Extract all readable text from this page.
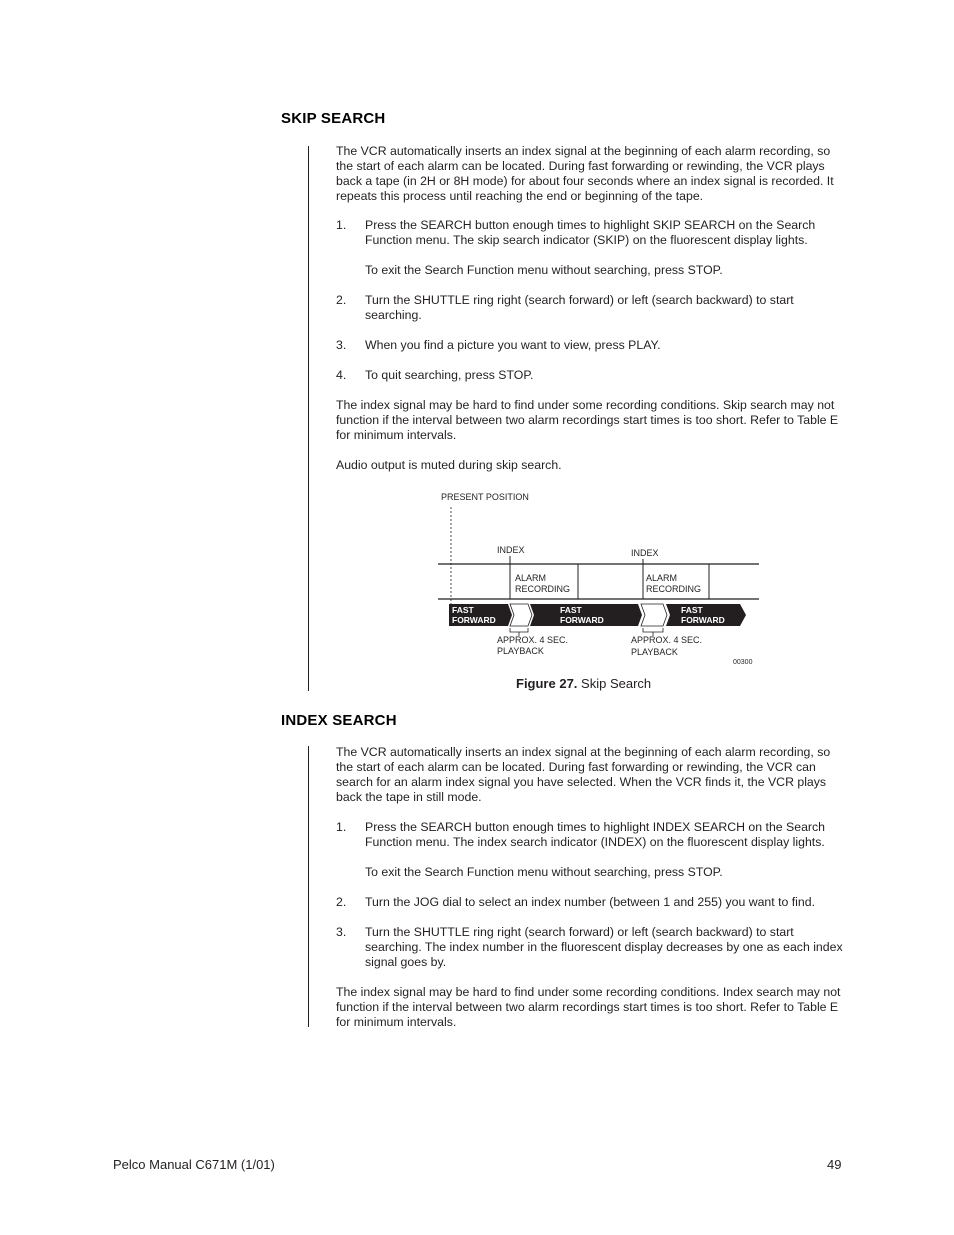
SKIP SEARCH

The VCR automatically inserts an index signal at the beginning of each alarm recording, so the start of each alarm can be located. During fast forwarding or rewinding, the VCR plays back a tape (in 2H or 8H mode) for about four seconds where an index signal is recorded. It repeats this process until reaching the end or beginning of the tape.

1. Press the SEARCH button enough times to highlight SKIP SEARCH on the Search Function menu. The skip search indicator (SKIP) on the fluorescent display lights.

To exit the Search Function menu without searching, press STOP.

2. Turn the SHUTTLE ring right (search forward) or left (search backward) to start searching.

3. When you find a picture you want to view, press PLAY.

4. To quit searching, press STOP.

The index signal may be hard to find under some recording conditions. Skip search may not function if the interval between two alarm recordings start times is too short. Refer to Table E for minimum intervals.

Audio output is muted during skip search.

PRESENT POSITION
INDEX	INDEX
ALARM
RECORDING
ALARM
RECORDING
FAST
FORWARD
FAST
FORWARD
FAST
FORWARD
APPROX. 4 SEC.
PLAYBACK
APPROX. 4 SEC.
PLAYBACK
00300

Figure 27. Skip Search

INDEX SEARCH

The VCR automatically inserts an index signal at the beginning of each alarm recording, so the start of each alarm can be located. During fast forwarding or rewinding, the VCR can search for an alarm index signal you have selected. When the VCR finds it, the VCR plays back the tape in still mode.

1. Press the SEARCH button enough times to highlight INDEX SEARCH on the Search Function menu. The index search indicator (INDEX) on the fluorescent display lights.

To exit the Search Function menu without searching, press STOP.

2. Turn the JOG dial to select an index number (between 1 and 255) you want to find.

3. Turn the SHUTTLE ring right (search forward) or left (search backward) to start searching. The index number in the fluorescent display decreases by one as each index signal goes by.

The index signal may be hard to find under some recording conditions. Index search may not function if the interval between two alarm recordings start times is too short. Refer to Table E for minimum intervals.

Pelco Manual C671M (1/01)	49
